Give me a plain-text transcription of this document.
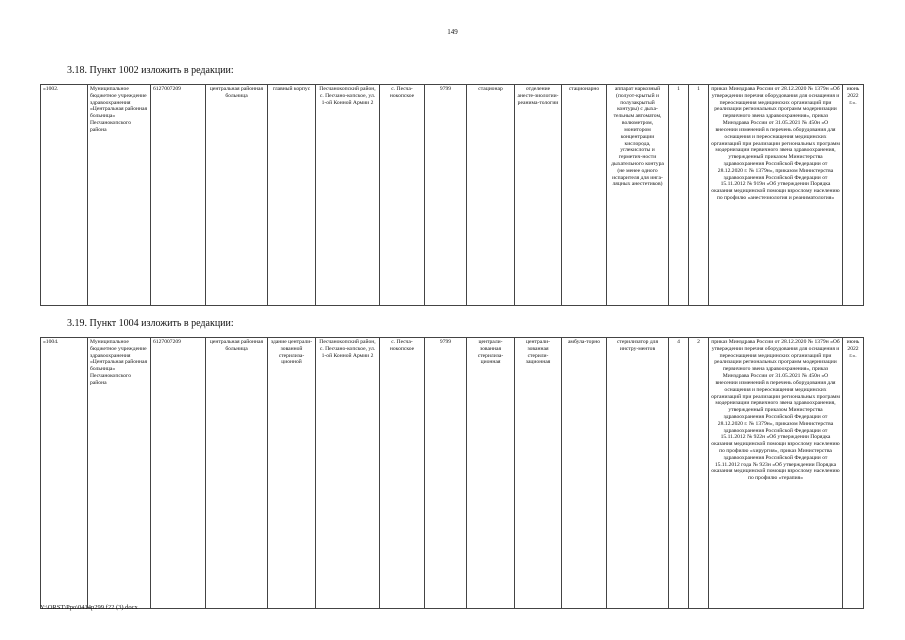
149
3.18. Пункт 1002 изложить в редакции:
«1002.	Муниципальное бюджетное учреждение здравоохранения «Центральная районная больница» Песчанокопского района	6127007209	центральная районная больница	главный корпус	Песчанокопский район, с. Песчано-копское, ул. 1-ой Конной Армии 2	с. Песча-нокопское	9799	стационар	отделение анесте-зиологии-реанима-тологии	стационарно	аппарат наркозный (полуот-крытый и полузакрытый контуры) с дыха-тельным автоматом, волюметром, монитором концентрации кислорода, углекислоты и герметич-ности дыхательного контура (не менее одного испарителя для инга-ляцных анестетиков)	1	1	приказ Минздрава России от 28.12.2020 № 1379н «Об утверждении перечня оборудования для оснащения и переоснащения медицинских организаций при реализации региональных программ модернизации первичного звена здравоохранения», приказ Минздрава России от 31.05.2021 № 450н «О внесении изменений в перечень оборудования для оснащения и переоснащения медицинских организаций при реализации региональных программ модернизации первичного звена здравоохранения, утвержденный приказом Министерства здравоохранения Российской Федерации от 28.12.2020 г. № 1379н», приказом Министерства здравоохранения Российской Федерации от 15.11.2012 № 919н «Об утверждении Порядка оказания медицинской помощи взрослому населению по профилю «анестезиология и реаниматология»	июнь 2022 г.».
3.19. Пункт 1004 изложить в редакции:
«1004.	Муниципальное бюджетное учреждение здравоохранения «Центральная районная больница» Песчанокопского района	6127007209	центральная районная больница	здание централи-зованной стерилиза-ционной	Песчанокопский район, с. Песчано-копское, ул. 1-ой Конной Армии 2	с. Песча-нокопское	9799	централи-зованная стерилиза-ционная	централи-зованная стерили-зационная	амбула-торно	стерилизатор для инстру-ментов	4	2	приказ Минздрава России от 28.12.2020 № 1379н «Об утверждении перечня оборудования для оснащения и переоснащения медицинских организаций при реализации региональных программ модернизации первичного звена здравоохранения», приказ Минздрава России от 31.05.2021 № 450н «О внесении изменений в перечень оборудования для оснащения и переоснащения медицинских организаций при реализации региональных программ модернизации первичного звена здравоохранения, утвержденный приказом Министерства здравоохранения Российской Федерации от 28.12.2020 г. № 1379н», приказом Министерства здравоохранения Российской Федерации от 15.11.2012 № 922н «Об утверждении Порядка оказания медицинской помощи взрослому населению по профилю «хирургия», приказ Министерства здравоохранения Российской Федерации от 15.11.2012 года № 923н «Об утверждении Порядка оказания медицинской помощи взрослому населению по профилю «терапия»	июнь 2022 г.».
Y:\ORST\Ppo\0414p299.f22 (3).docx
